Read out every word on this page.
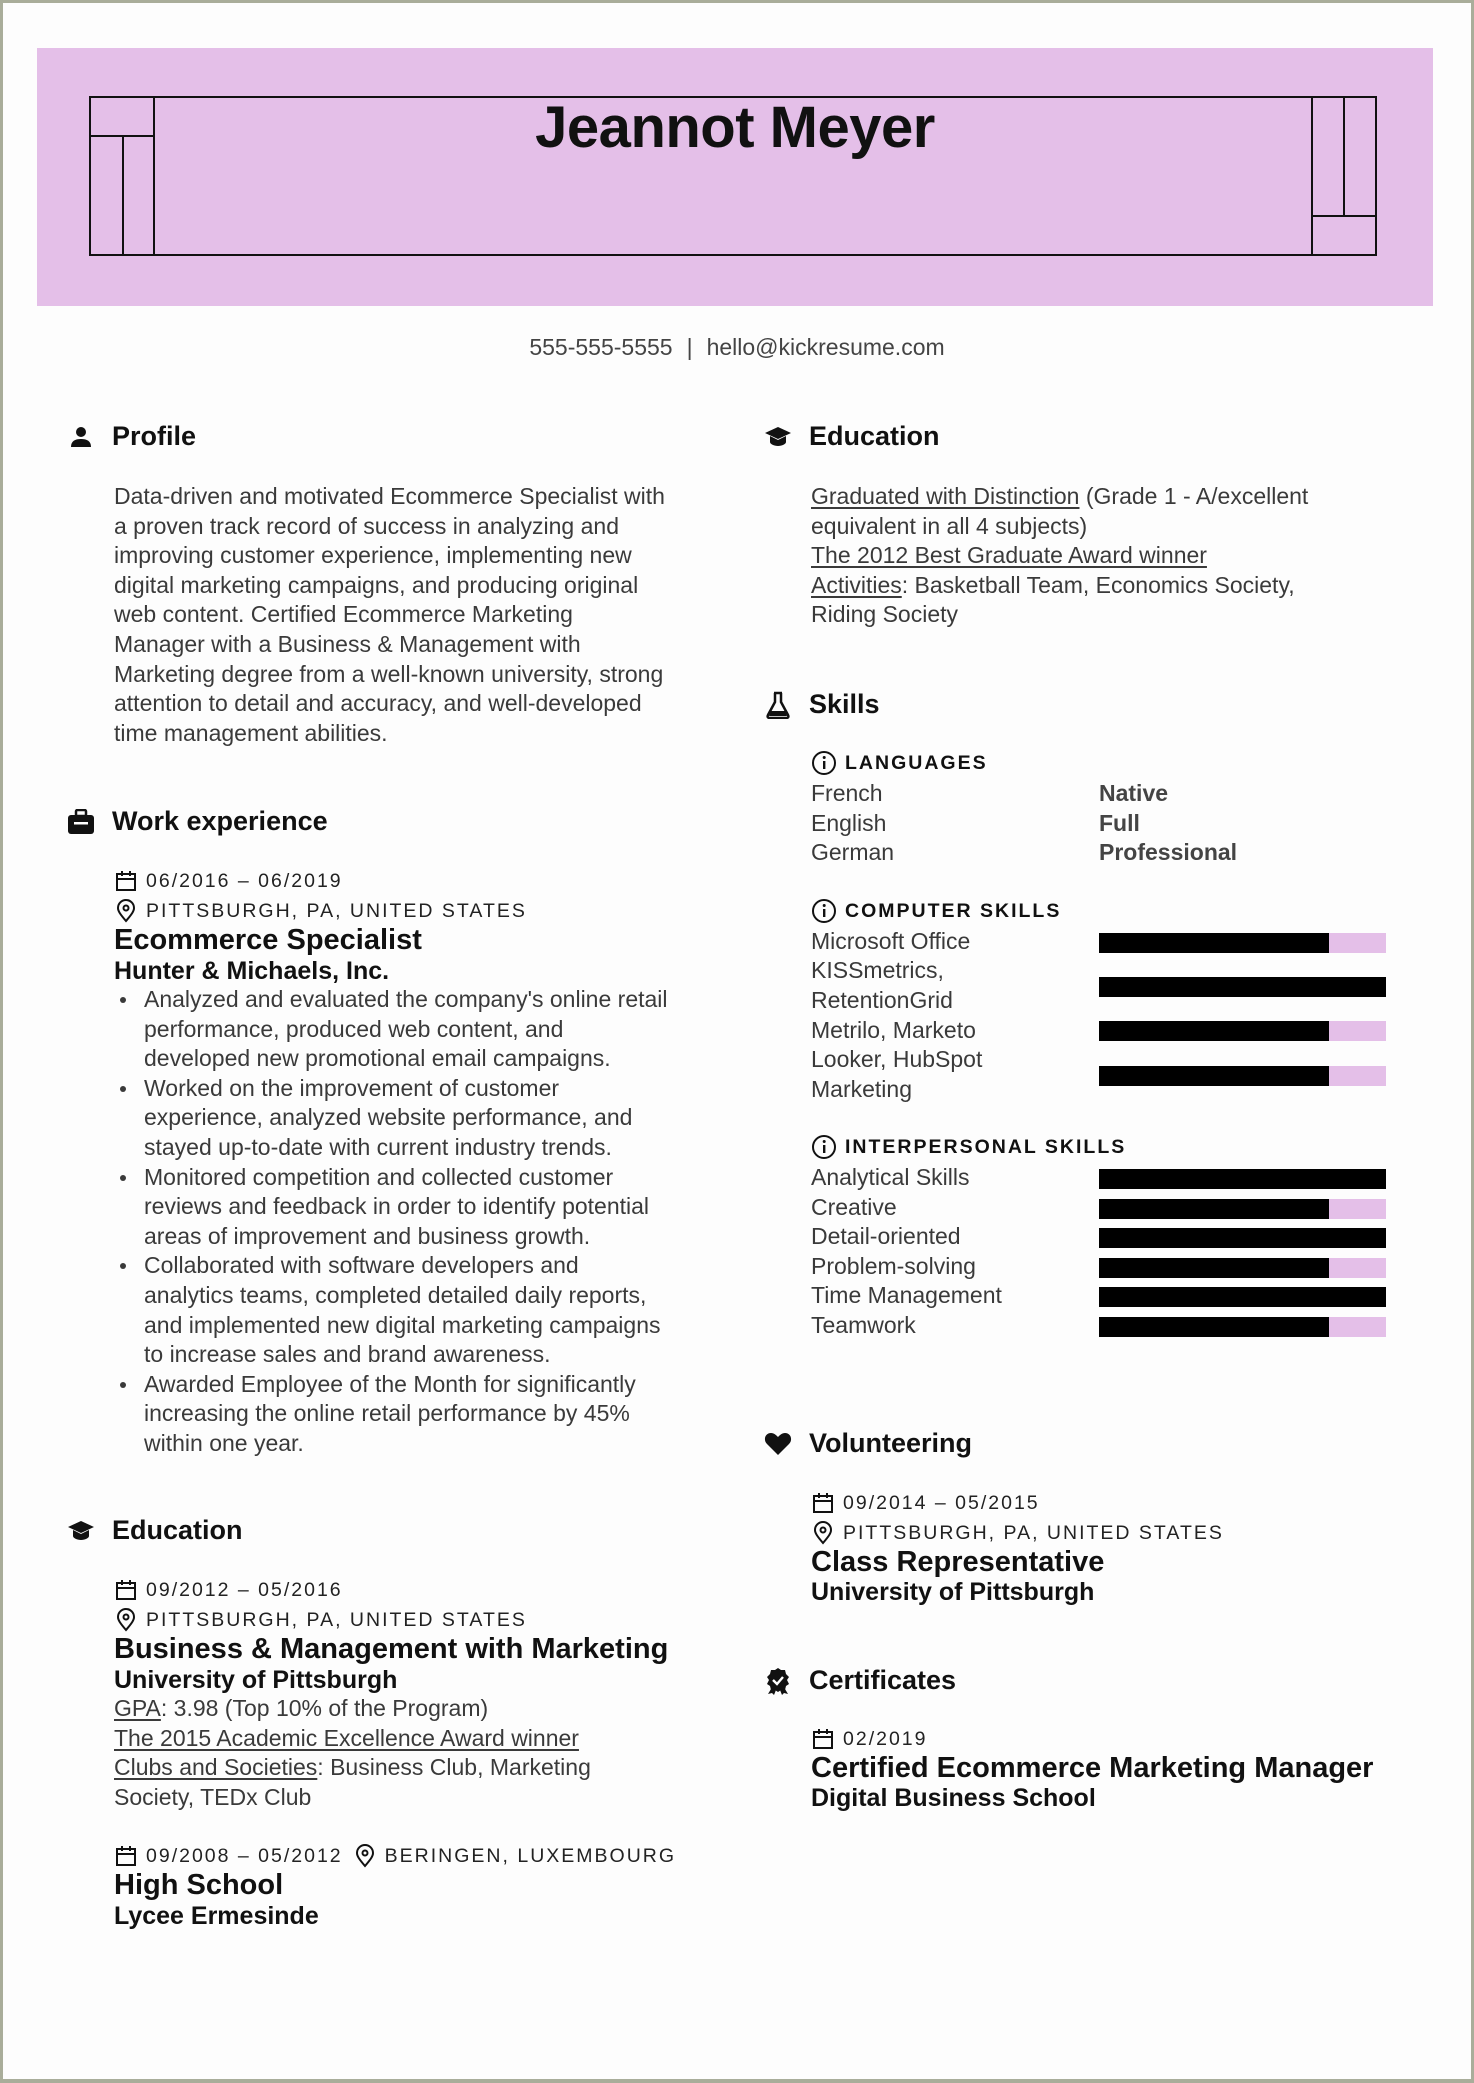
Jeannot Meyer
555-555-5555 | hello@kickresume.com
Profile
Data-driven and motivated Ecommerce Specialist with
a proven track record of success in analyzing and
improving customer experience, implementing new
digital marketing campaigns, and producing original
web content. Certified Ecommerce Marketing
Manager with a Business & Management with
Marketing degree from a well-known university, strong
attention to detail and accuracy, and well-developed
time management abilities.
Work experience
06/2016 – 06/2019
PITTSBURGH, PA, UNITED STATES
Ecommerce Specialist
Hunter & Michaels, Inc.
Analyzed and evaluated the company's online retail
performance, produced web content, and
developed new promotional email campaigns.
Worked on the improvement of customer
experience, analyzed website performance, and
stayed up-to-date with current industry trends.
Monitored competition and collected customer
reviews and feedback in order to identify potential
areas of improvement and business growth.
Collaborated with software developers and
analytics teams, completed detailed daily reports,
and implemented new digital marketing campaigns
to increase sales and brand awareness.
Awarded Employee of the Month for significantly
increasing the online retail performance by 45%
within one year.
Education
09/2012 – 05/2016
PITTSBURGH, PA, UNITED STATES
Business & Management with Marketing
University of Pittsburgh
GPA: 3.98 (Top 10% of the Program)
The 2015 Academic Excellence Award winner
Clubs and Societies: Business Club, Marketing
Society, TEDx Club
09/2008 – 05/2012 BERINGEN, LUXEMBOURG
High School
Lycee Ermesinde
Education
Graduated with Distinction (Grade 1 - A/excellent
equivalent in all 4 subjects)
The 2012 Best Graduate Award winner
Activities: Basketball Team, Economics Society,
Riding Society
Skills
LANGUAGES
French	Native
English	Full
German	Professional
COMPUTER SKILLS
Microsoft Office
KISSmetrics,
RetentionGrid
Metrilo, Marketo
Looker, HubSpot
Marketing
INTERPERSONAL SKILLS
Analytical Skills
Creative
Detail-oriented
Problem-solving
Time Management
Teamwork
Volunteering
09/2014 – 05/2015
PITTSBURGH, PA, UNITED STATES
Class Representative
University of Pittsburgh
Certificates
02/2019
Certified Ecommerce Marketing Manager
Digital Business School
